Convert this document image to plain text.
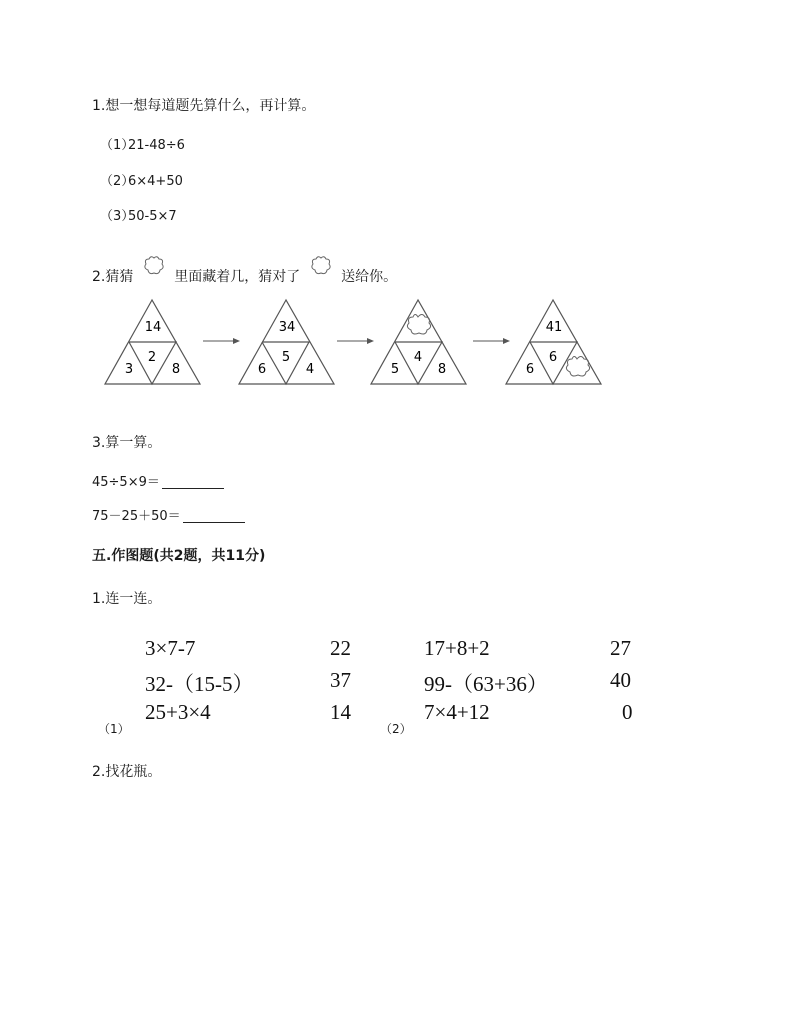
1.想一想每道题先算什么，再计算。
（1）21-48÷6
（2）6×4+50
（3）50-5×7
2.猜猜	里面藏着几，猜对了	送给你。
14
3
2
8
34
6
5
4	5
4
8
41
6
6
3.算一算。
45÷5×9＝
75－25＋50＝
五.作图题(共2题，共11分)
1.连一连。
3×7-7
32-（15-5）
25+3×4
22
37
14
（1）
17+8+2
99-（63+36）
7×4+12
27
40
0
（2）
2.找花瓶。
